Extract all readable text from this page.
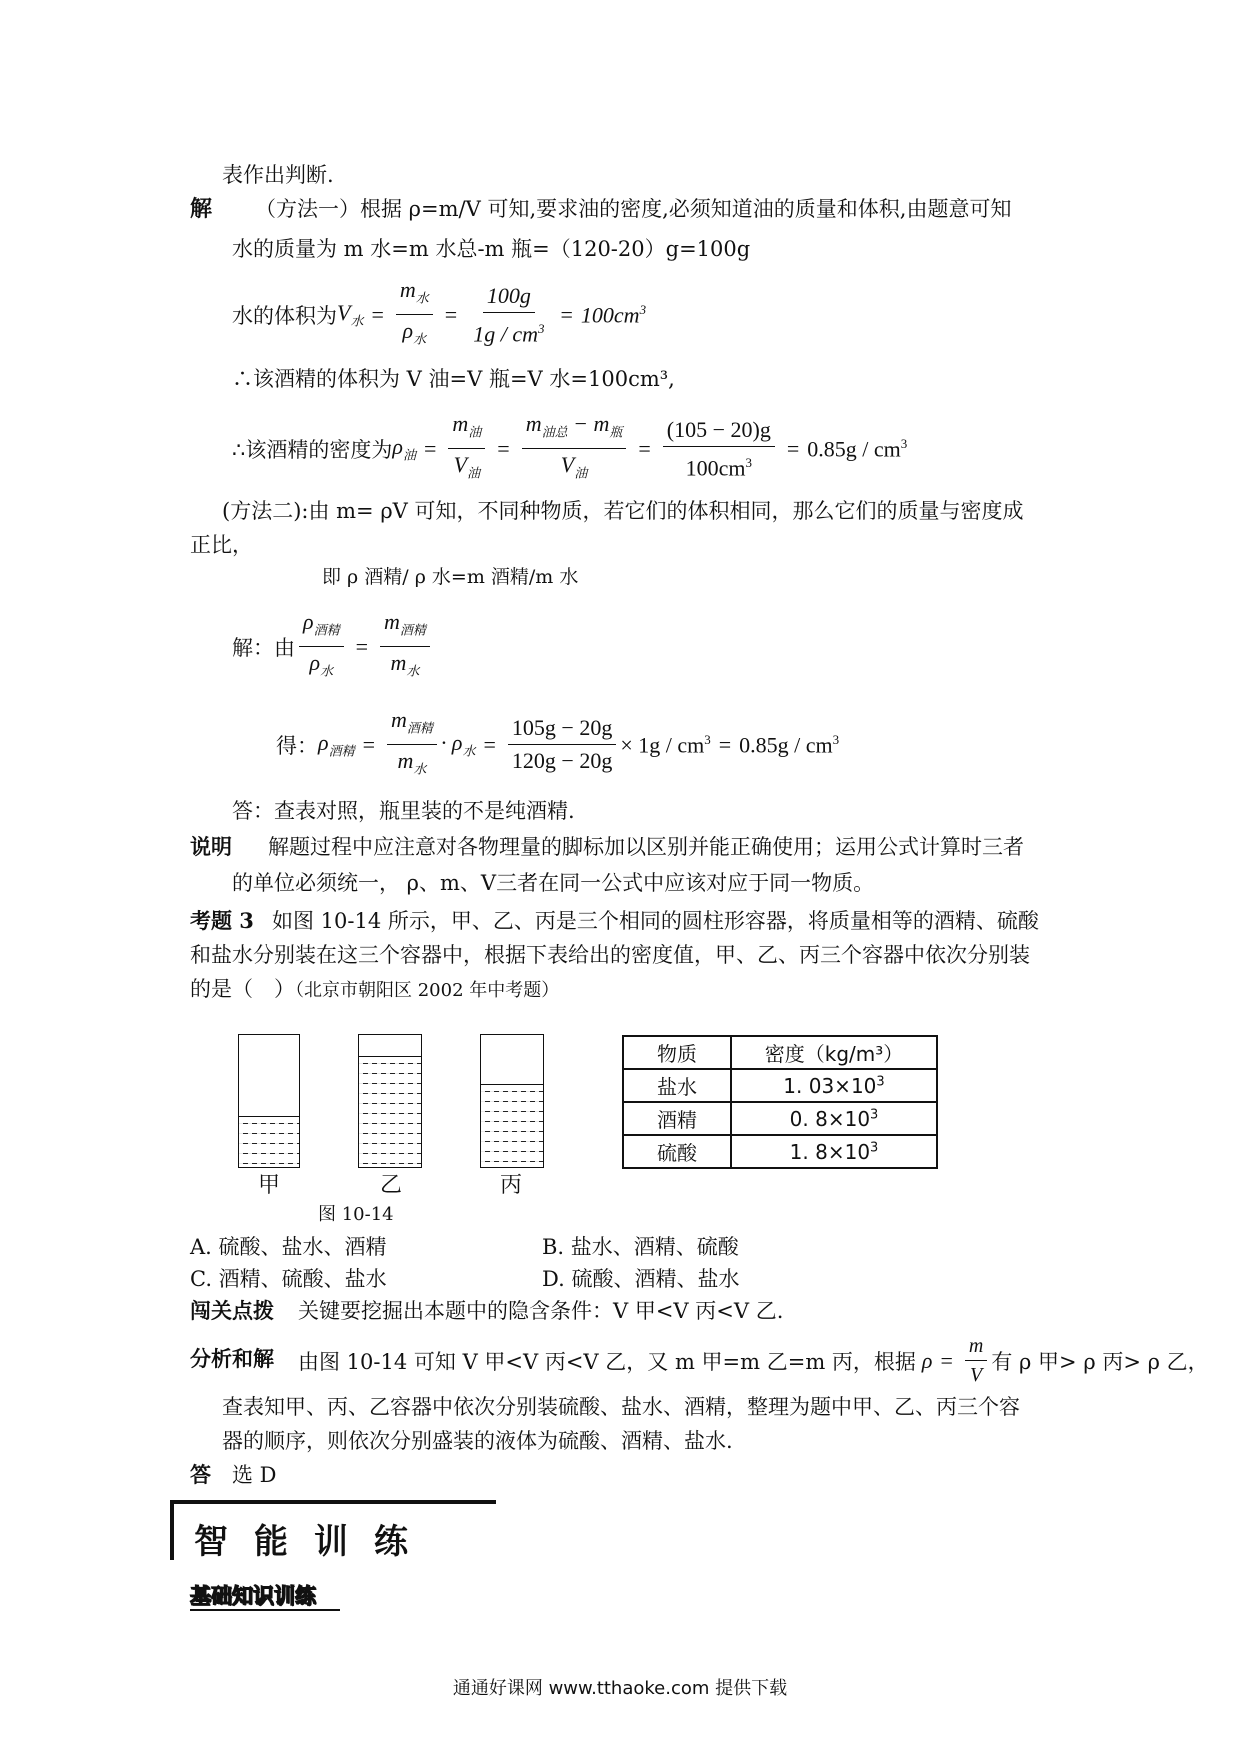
表作出判断.
解 （方法一）根据 ρ=m/V 可知,要求油的密度,必须知道油的质量和体积,由题意可知
水的质量为 m 水=m 水总-m 瓶=（120-20）g=100g
水的体积为 $V_水 = \frac{m_水}{\rho_水} = \frac{100g}{1g / cm^3} = 100cm^3$
∴该酒精的体积为 V 油=V 瓶=V 水=100cm³,
∴该酒精的密度为 $\rho_油 = \frac{m_油}{V_油} = \frac{m_{油总} - m_瓶}{V_油} = \frac{(105 - 20)g}{100cm^3} = 0.85g / cm^3$
(方法二):由 m= ρV 可知，不同种物质，若它们的体积相同，那么它们的质量与密度成
正比，
即 ρ 酒精/ ρ 水=m 酒精/m 水
解：由 $\frac{\rho_{酒精}}{\rho_水} = \frac{m_{酒精}}{m_水}$
得： $\rho_{酒精} = \frac{m_{酒精}}{m_水} \cdot \rho_水 = \frac{105g - 20g}{120g - 20g} \times 1g / cm^3 = 0.85g / cm^3$
答：查表对照，瓶里装的不是纯酒精.
说明 解题过程中应注意对各物理量的脚标加以区别并能正确使用；运用公式计算时三者
的单位必须统一， ρ、m、V三者在同一公式中应该对应于同一物质。
考题 3 如图 10-14 所示，甲、乙、丙是三个相同的圆柱形容器，将质量相等的酒精、硫酸
和盐水分别装在这三个容器中，根据下表给出的密度值，甲、乙、丙三个容器中依次分别装
的是（　）（北京市朝阳区 2002 年中考题）
甲	乙	丙
图 10-14
物质	密度（kg/m³）
盐水	1. $03\times 10^3$
酒精	0. $8\times 10^3$
硫酸	1. $8\times 10^3$
A. 硫酸、盐水、酒精	B. 盐水、酒精、硫酸
C. 酒精、硫酸、盐水	D. 硫酸、酒精、盐水
闯关点拨 关键要挖掘出本题中的隐含条件：V 甲<V 丙<V 乙.
分析和解 由图 10-14 可知 V 甲<V 丙<V 乙，又 m 甲=m 乙=m 丙，根据 $\rho = \frac{m}{V}$ 有 ρ 甲> ρ 丙> ρ 乙，
查表知甲、丙、乙容器中依次分别装硫酸、盐水、酒精，整理为题中甲、乙、丙三个容
器的顺序，则依次分别盛装的液体为硫酸、酒精、盐水.
答 选 D
智能训练
基础知识训练
通通好课网 www.tthaoke.com 提供下载
